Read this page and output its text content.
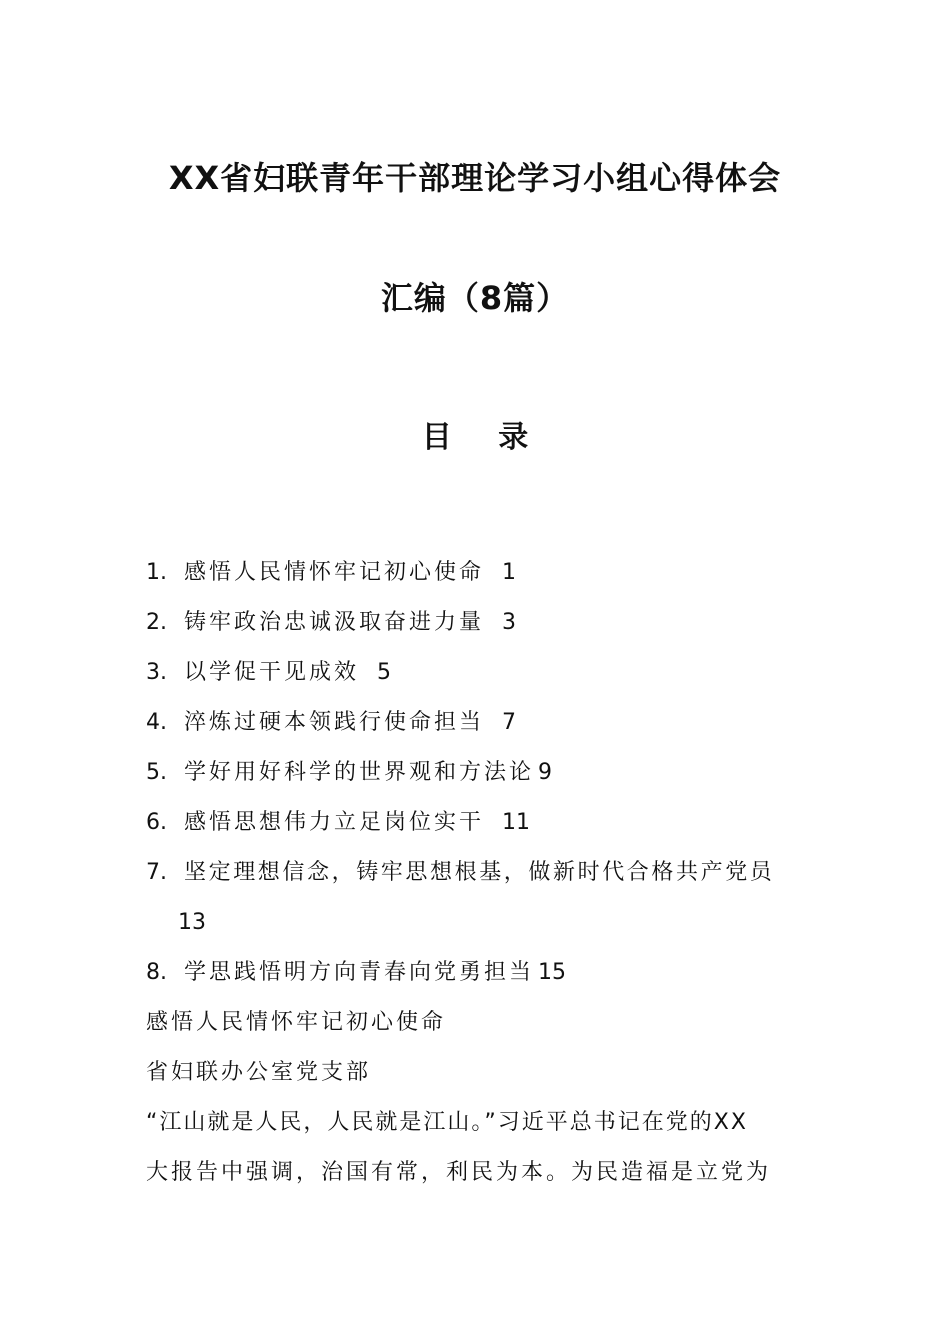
XX省妇联青年干部理论学习小组心得体会
汇编（8篇）
目 录
1. 感悟人民情怀牢记初心使命 1
2. 铸牢政治忠诚汲取奋进力量 3
3. 以学促干见成效 5
4. 淬炼过硬本领践行使命担当 7
5. 学好用好科学的世界观和方法论 9
6. 感悟思想伟力立足岗位实干 11
7. 坚定理想信念，铸牢思想根基，做新时代合格共产党员
13
8. 学思践悟明方向青春向党勇担当 15

感悟人民情怀牢记初心使命

省妇联办公室党支部

“江山就是人民，人民就是江山。”习近平总书记在党的XX

大报告中强调，治国有常，利民为本。为民造福是立党为
